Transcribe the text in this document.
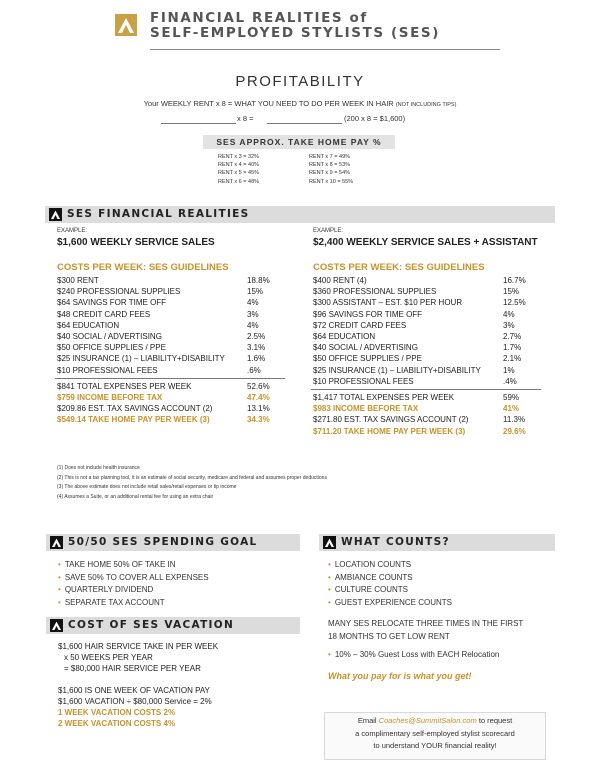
FINANCIAL REALITIES of
SELF-EMPLOYED STYLISTS (SES)
PROFITABILITY
Your WEEKLY RENT x 8 = WHAT YOU NEED TO DO PER WEEK IN HAIR (NOT INCLUDING TIPS)
x 8 =	(200 x 8 = $1,600)
SES APPROX. TAKE HOME PAY %
RENT x 3 = 32%
RENT x 4 = 40%
RENT x 5 = 45%
RENT x 6 = 48%
RENT x 7 = 49%
RENT x 8 = 53%
RENT x 9 = 54%
RENT x 10 = 55%
SES FINANCIAL REALITIES
EXAMPLE:
$1,600 WEEKLY SERVICE SALES
COSTS PER WEEK: SES GUIDELINES
$300 RENT	18.8%
$240 PROFESSIONAL SUPPLIES	15%
$64 SAVINGS FOR TIME OFF	4%
$48 CREDIT CARD FEES	3%
$64 EDUCATION	4%
$40 SOCIAL / ADVERTISING	2.5%
$50 OFFICE SUPPLIES / PPE	3.1%
$25 INSURANCE (1) – LIABILITY+DISABILITY	1.6%
$10 PROFESSIONAL FEES	.6%
$841 TOTAL EXPENSES PER WEEK	52.6%
$759 INCOME BEFORE TAX	47.4%
$209.86 EST. TAX SAVINGS ACCOUNT (2)	13.1%
$549.14 TAKE HOME PAY PER WEEK (3)	34.3%
EXAMPLE:
$2,400 WEEKLY SERVICE SALES + ASSISTANT
COSTS PER WEEK: SES GUIDELINES
$400 RENT (4)	16.7%
$360 PROFESSIONAL SUPPLIES	15%
$300 ASSISTANT – EST. $10 PER HOUR	12.5%
$96 SAVINGS FOR TIME OFF	4%
$72 CREDIT CARD FEES	3%
$64 EDUCATION	2.7%
$40 SOCIAL / ADVERTISING	1.7%
$50 OFFICE SUPPLIES / PPE	2.1%
$25 INSURANCE (1) – LIABILITY+DISABILITY	1%
$10 PROFESSIONAL FEES	.4%
$1,417 TOTAL EXPENSES PER WEEK	59%
$983 INCOME BEFORE TAX	41%
$271.80 EST. TAX SAVINGS ACCOUNT (2)	11.3%
$711.20 TAKE HOME PAY PER WEEK (3)	29.6%
(1) Does not include health insurance
(2) This is not a tax planning tool, it is an estimate of social security, medicare and federal and assumes proper deductions
(3) The above estimate does not include retail sales/retail expenses or tip income
(4) Assumes a Suite, or an additional rental fee for using an extra chair
50/50 SES SPENDING GOAL
• TAKE HOME 50% OF TAKE IN
• SAVE 50% TO COVER ALL EXPENSES
• QUARTERLY DIVIDEND
• SEPARATE TAX ACCOUNT
WHAT COUNTS?
• LOCATION COUNTS
• AMBIANCE COUNTS
• CULTURE COUNTS
• GUEST EXPERIENCE COUNTS
MANY SES RELOCATE THREE TIMES IN THE FIRST
18 MONTHS TO GET LOW RENT
• 10% – 30% Guest Loss with EACH Relocation
What you pay for is what you get!
COST OF SES VACATION
$1,600 HAIR SERVICE TAKE IN PER WEEK
x 50 WEEKS PER YEAR
= $80,000 HAIR SERVICE PER YEAR
$1,600 IS ONE WEEK OF VACATION PAY
$1,600 VACATION ÷ $80,000 Service = 2%
1 WEEK VACATION COSTS 2%
2 WEEK VACATION COSTS 4%	Email Coaches@SummitSalon.com to request
a complimentary self-employed stylist scorecard
to understand YOUR financial reality!
